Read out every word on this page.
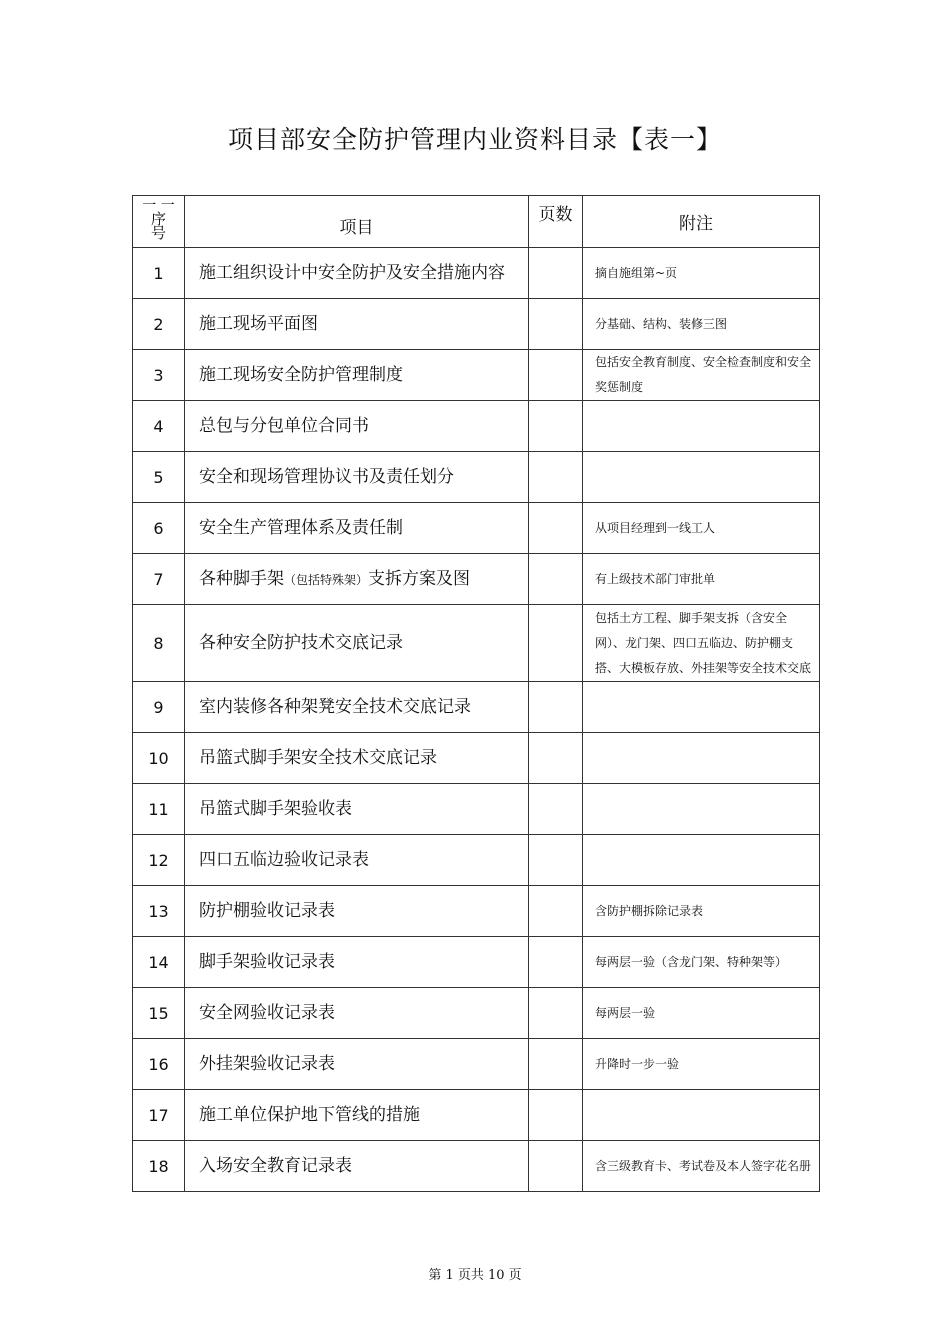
项目部安全防护管理内业资料目录【表一】
一 一
序
号	项目	页数	附注
1	施工组织设计中安全防护及安全措施内容		摘自施组第~页
2	施工现场平面图		分基础、结构、装修三图
3	施工现场安全防护管理制度		包括安全教育制度、安全检查制度和安全奖惩制度
4	总包与分包单位合同书		
5	安全和现场管理协议书及责任划分		
6	安全生产管理体系及责任制		从项目经理到一线工人
7	各种脚手架（包括特殊架）支拆方案及图		有上级技术部门审批单
8	各种安全防护技术交底记录		包括土方工程、脚手架支拆（含安全网）、龙门架、四口五临边、防护棚支搭、大模板存放、外挂架等安全技术交底
9	室内装修各种架凳安全技术交底记录		
10	吊篮式脚手架安全技术交底记录		
11	吊篮式脚手架验收表		
12	四口五临边验收记录表		
13	防护棚验收记录表		含防护棚拆除记录表
14	脚手架验收记录表		每两层一验（含龙门架、特种架等）
15	安全网验收记录表		每两层一验
16	外挂架验收记录表		升降时一步一验
17	施工单位保护地下管线的措施		
18	入场安全教育记录表		含三级教育卡、考试卷及本人签字花名册
第 1 页共 10 页
